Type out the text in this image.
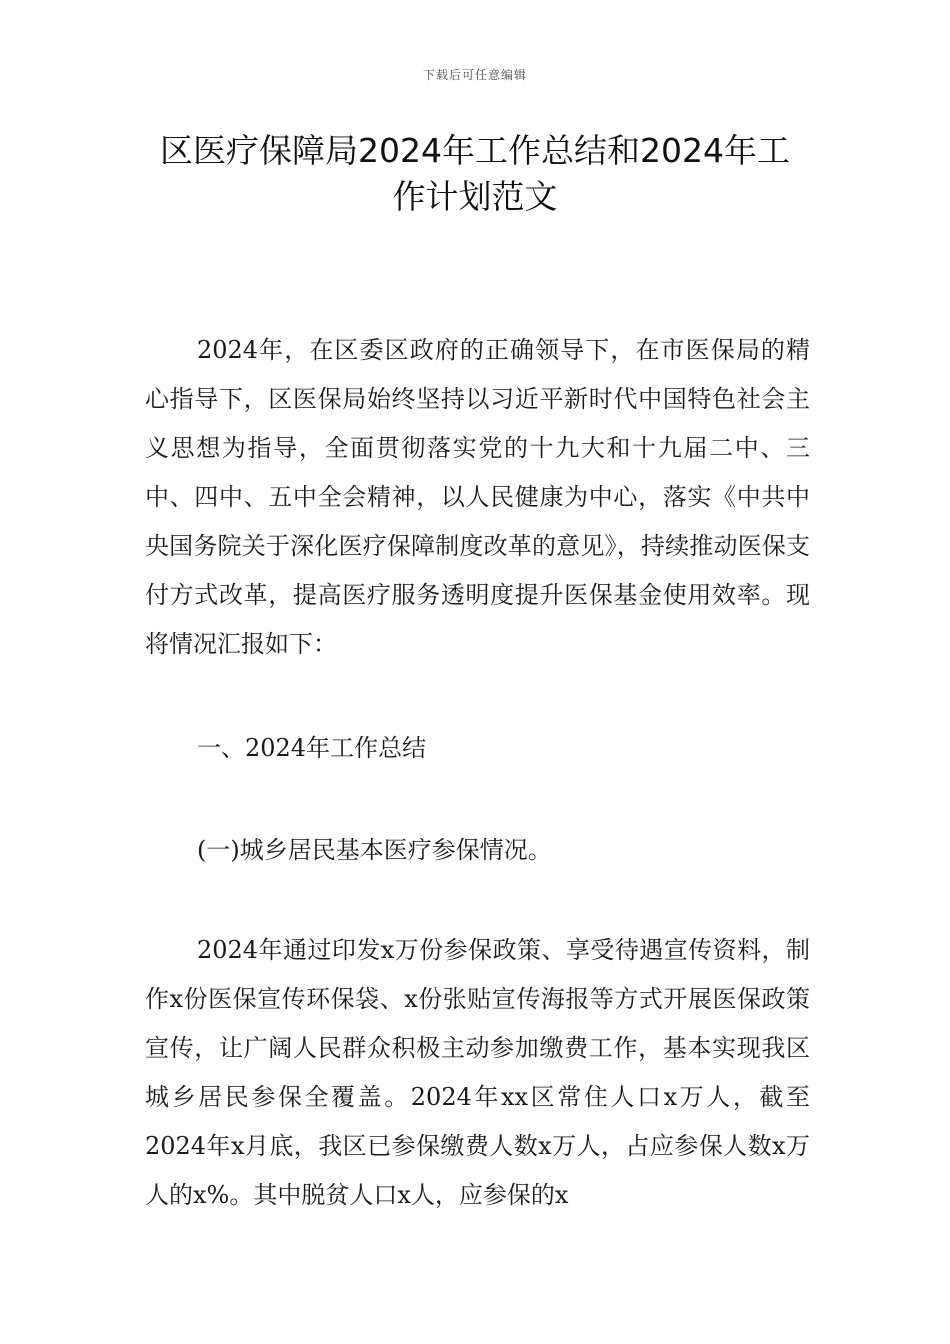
下载后可任意编辑
区医疗保障局2024年工作总结和2024年工作计划范文

2024年，在区委区政府的正确领导下，在市医保局的精心指导下，区医保局始终坚持以习近平新时代中国特色社会主义思想为指导，全面贯彻落实党的十九大和十九届二中、三中、四中、五中全会精神，以人民健康为中心，落实《中共中央国务院关于深化医疗保障制度改革的意见》，持续推动医保支付方式改革，提高医疗服务透明度提升医保基金使用效率。现将情况汇报如下：

一、2024年工作总结

(一)城乡居民基本医疗参保情况。

2024年通过印发x万份参保政策、享受待遇宣传资料，制作x份医保宣传环保袋、x份张贴宣传海报等方式开展医保政策宣传，让广阔人民群众积极主动参加缴费工作，基本实现我区城乡居民参保全覆盖。2024年xx区常住人口x万人，截至2024年x月底，我区已参保缴费人数x万人，占应参保人数x万人的x%。其中脱贫人口x人，应参保的x
